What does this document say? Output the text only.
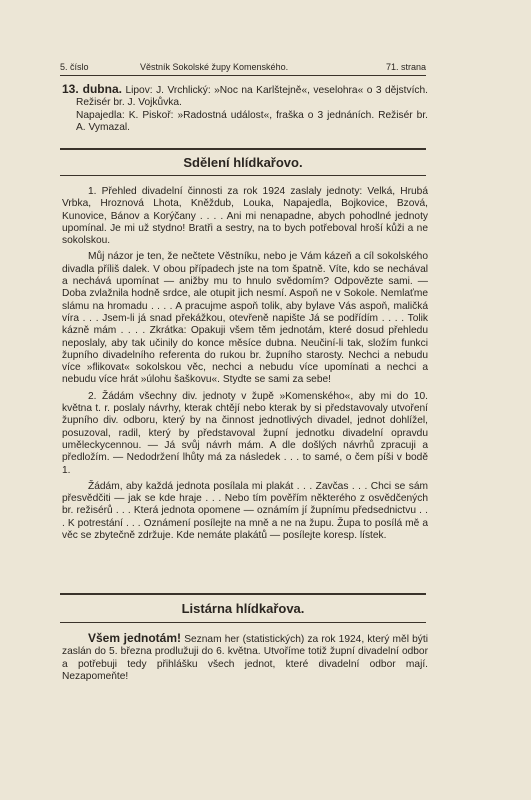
5. číslo	Věstník Sokolské župy Komenského.	71. strana

13. dubna. Lipov: J. Vrchlický: »Noc na Karlštejně«, veselohra« o 3 dějstvích. Režisér br. J. Vojkůvka.

Napajedla: K. Piskoř: »Radostná událost«, fraška o 3 jednáních. Režisér br. A. Vymazal.

Sdělení hlídkařovo.

1. Přehled divadelní činnosti za rok 1924 zaslaly jednoty: Velká, Hrubá Vrbka, Hroznová Lhota, Kněždub, Louka, Napajedla, Bojkovice, Bzová, Kunovice, Bánov a Korýčany . . . . Ani mi nenapadne, abych pohodlné jednoty upomínal. Je mi už stydno! Bratři a sestry, na to bych potřeboval hroší kůži a ne sokolskou.

Můj názor je ten, že nečtete Věstníku, nebo je Vám kázeň a cíl sokolského divadla příliš dalek. V obou případech jste na tom špatně. Víte, kdo se nechával a nechává upomínat — anižby mu to hnulo svědomím? Odpovězte sami. — Doba zvlažnila hodně srdce, ale otupit jich nesmí. Aspoň ne v Sokole. Nemlaťme slámu na hromadu . . . . A pracujme aspoň tolik, aby bylave Vás aspoň, maličká víra . . . Jsem-li já snad překážkou, otevřeně napište Já se podřídím . . . . Tolik kázně mám . . . . Zkrátka: Opakuji všem těm jednotám, které dosud přehledu neposlaly, aby tak učinily do konce měsíce dubna. Neučiní-li tak, složím funkci župního divadelního referenta do rukou br. župního starosty. Nechci a nebudu více »flikovat« sokolskou věc, nechci a nebudu více upomínati a nechci a nebudu více hrát »úlohu šaškovu«. Stydte se sami za sebe!

2. Žádám všechny div. jednoty v župě »Komenského«, aby mi do 10. května t. r. poslaly návrhy, kterak chtějí nebo kterak by si představovaly utvoření župního div. odboru, který by na činnost jednotlivých divadel, jednot dohlížel, posuzoval, radil, který by představoval župní jednotku divadelní opravdu uměleckycennou. — Já svůj návrh mám. A dle došlých návrhů zpracuji a předložím. — Nedodržení lhůty má za následek . . . to samé, o čem píši v bodě 1.

Žádám, aby každá jednota posílala mi plakát . . . Zavčas . . . Chci se sám přesvědčiti — jak se kde hraje . . . Nebo tím pověřím některého z osvědčených br. režisérů . . . Která jednota opomene — oznámím jí župnímu předsednictvu . . . K potrestání . . . Oznámení posílejte na mně a ne na župu. Župa to posílá mě a věc se zbytečně zdržuje. Kde nemáte plakátů — posílejte koresp. lístek.

Listárna hlídkařova.

Všem jednotám! Seznam her (statistických) za rok 1924, který měl býti zaslán do 5. března prodlužuji do 6. května. Utvoříme totiž župní divadelní odbor a potřebuji tedy přihlášku všech jednot, které divadelní odbor mají. Nezapomeňte!
